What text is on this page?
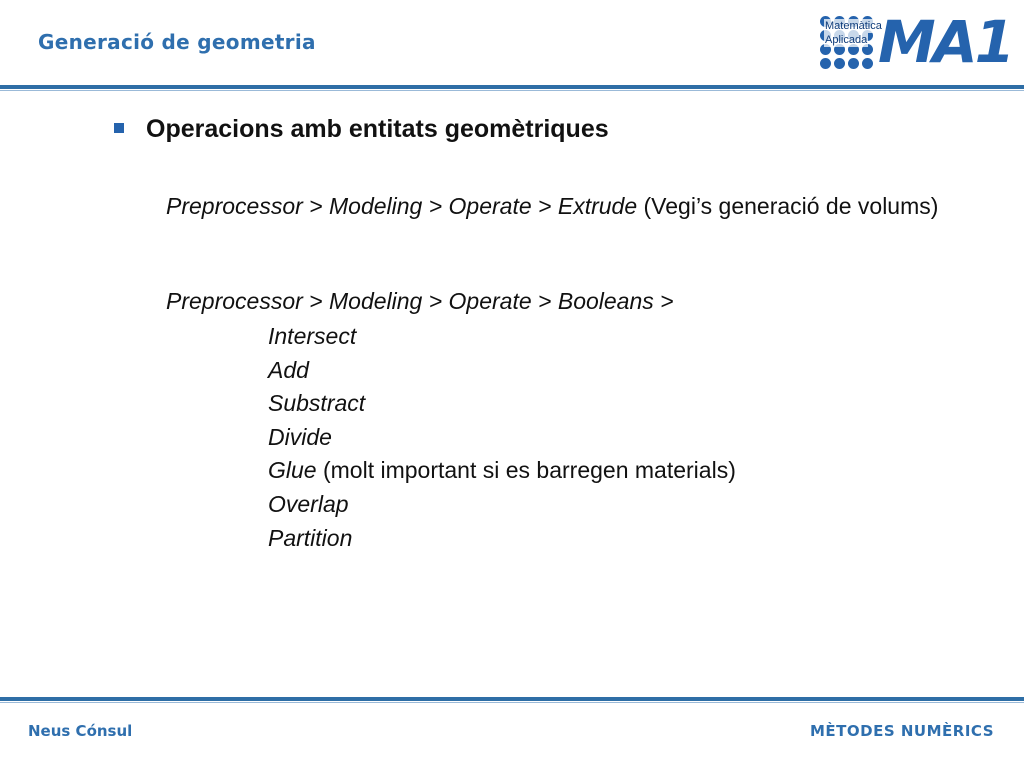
Generació de geometria
Matemàtica
Aplicada MA1
Operacions amb entitats geomètriques
Preprocessor > Modeling > Operate > Extrude (Vegi’s generació de volums)
Preprocessor > Modeling > Operate > Booleans >
Intersect
Add
Substract
Divide
Glue (molt important si es barregen materials)
Overlap
Partition
Neus Cónsul	MÈTODES NUMÈRICS
